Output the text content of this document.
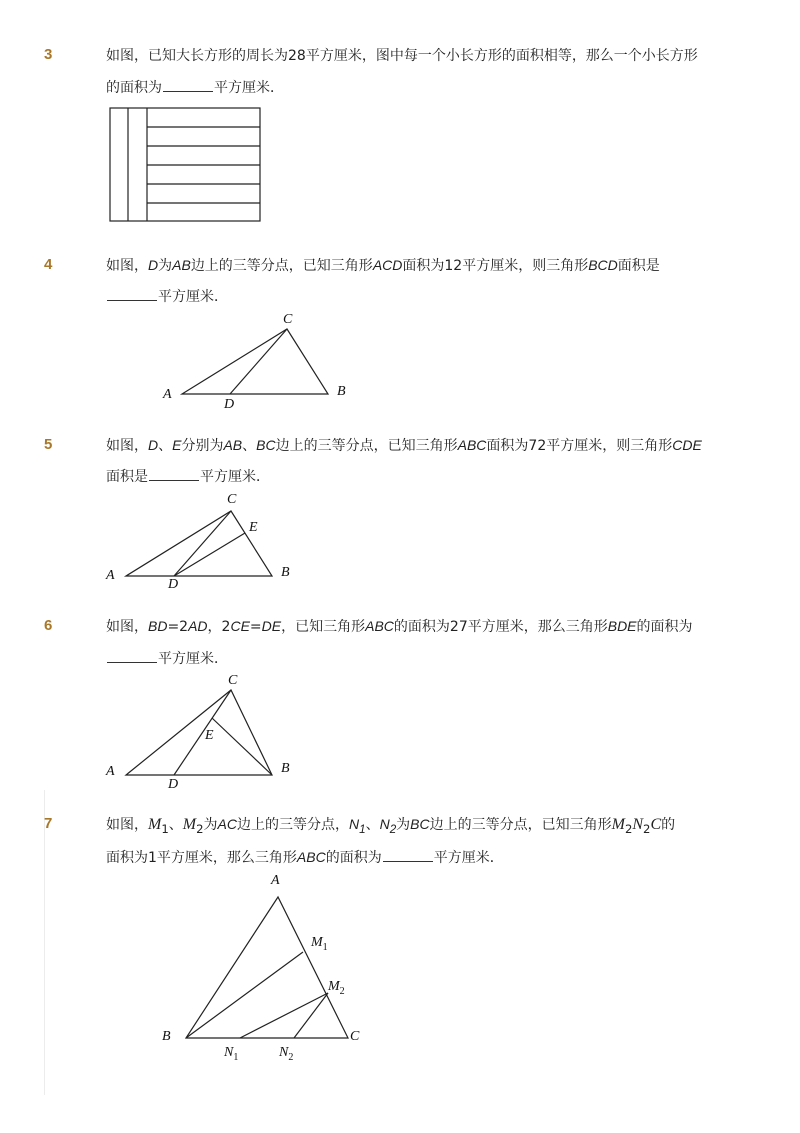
3	如图，已知大长方形的周长为28平方厘米，图中每一个小长方形的面积相等，那么一个小长方形
的面积为	平方厘米．
4	如图，D为AB边上的三等分点，已知三角形ACD面积为12平方厘米，则三角形BCD面积是
平方厘米．
5	如图，D、E分别为AB、BC边上的三等分点，已知三角形ABC面积为72平方厘米，则三角形CDE
面积是	平方厘米．
6	如图，BD=2AD，2CE=DE，已知三角形ABC的面积为27平方厘米，那么三角形BDE的面积为
平方厘米．
7	如图，$M_1$、$M_2$为AC边上的三等分点，$N_1$、$N_2$为BC边上的三等分点，已知三角形$M_2N_2C$的
面积为1平方厘米，那么三角形ABC的面积为	平方厘米．
A	B
C
D
A	B
C
D
E
A	B
C
D
E
A
B	C
$M_1$
$M_2$
$N_1$	$N_2$
